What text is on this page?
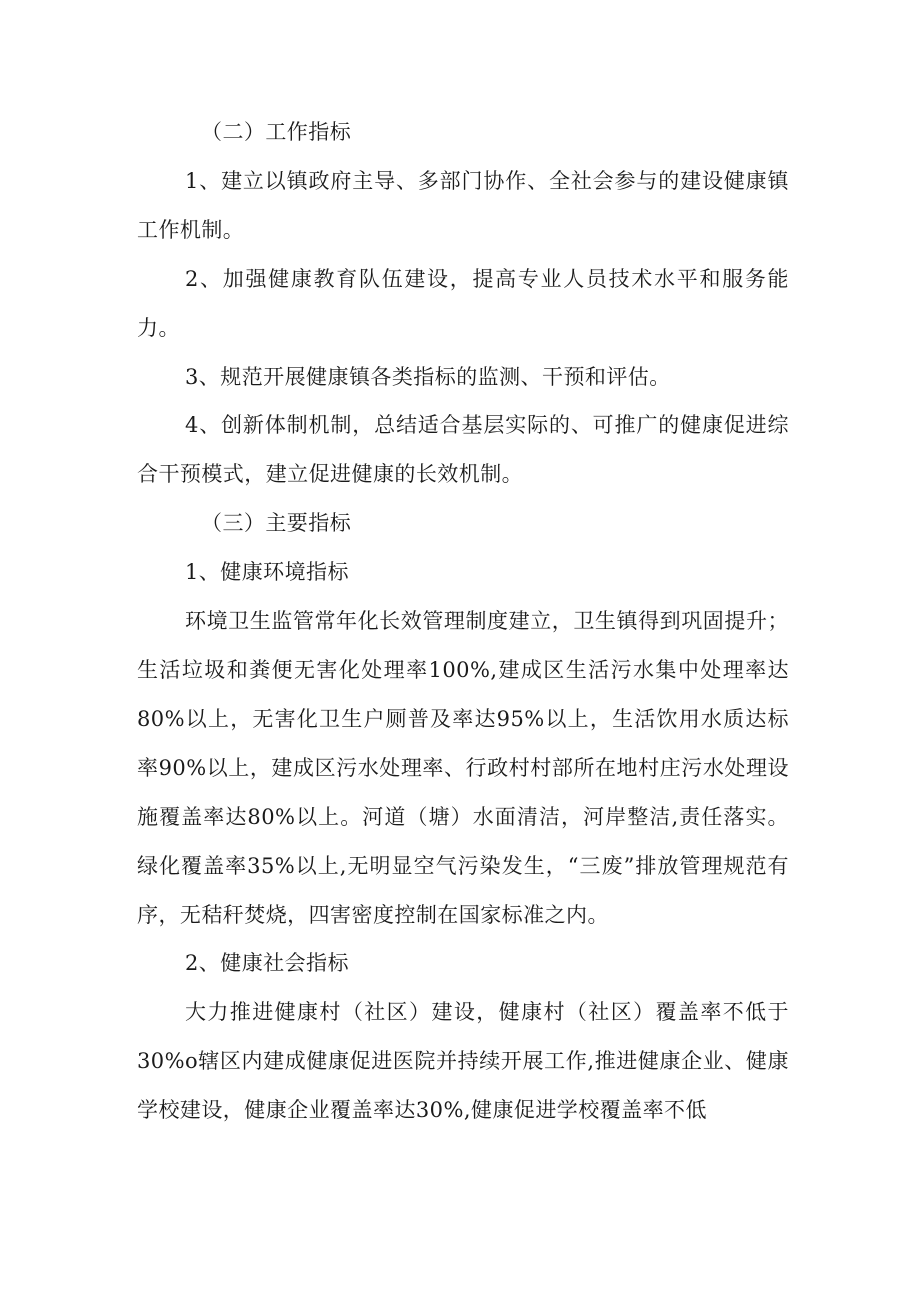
（二）工作指标

1、建立以镇政府主导、多部门协作、全社会参与的建设健康镇工作机制。

2、加强健康教育队伍建设，提高专业人员技术水平和服务能力。

3、规范开展健康镇各类指标的监测、干预和评估。

4、创新体制机制，总结适合基层实际的、可推广的健康促进综合干预模式，建立促进健康的长效机制。

（三）主要指标

1、健康环境指标

环境卫生监管常年化长效管理制度建立，卫生镇得到巩固提升；生活垃圾和粪便无害化处理率100%,建成区生活污水集中处理率达80%以上，无害化卫生户厕普及率达95%以上，生活饮用水质达标率90%以上，建成区污水处理率、行政村村部所在地村庄污水处理设施覆盖率达80%以上。河道（塘）水面清洁，河岸整洁,责任落实。绿化覆盖率35%以上,无明显空气污染发生，“三废”排放管理规范有序，无秸秆焚烧，四害密度控制在国家标准之内。

2、健康社会指标

大力推进健康村（社区）建设，健康村（社区）覆盖率不低于30%o辖区内建成健康促进医院并持续开展工作,推进健康企业、健康学校建设，健康企业覆盖率达30%,健康促进学校覆盖率不低
